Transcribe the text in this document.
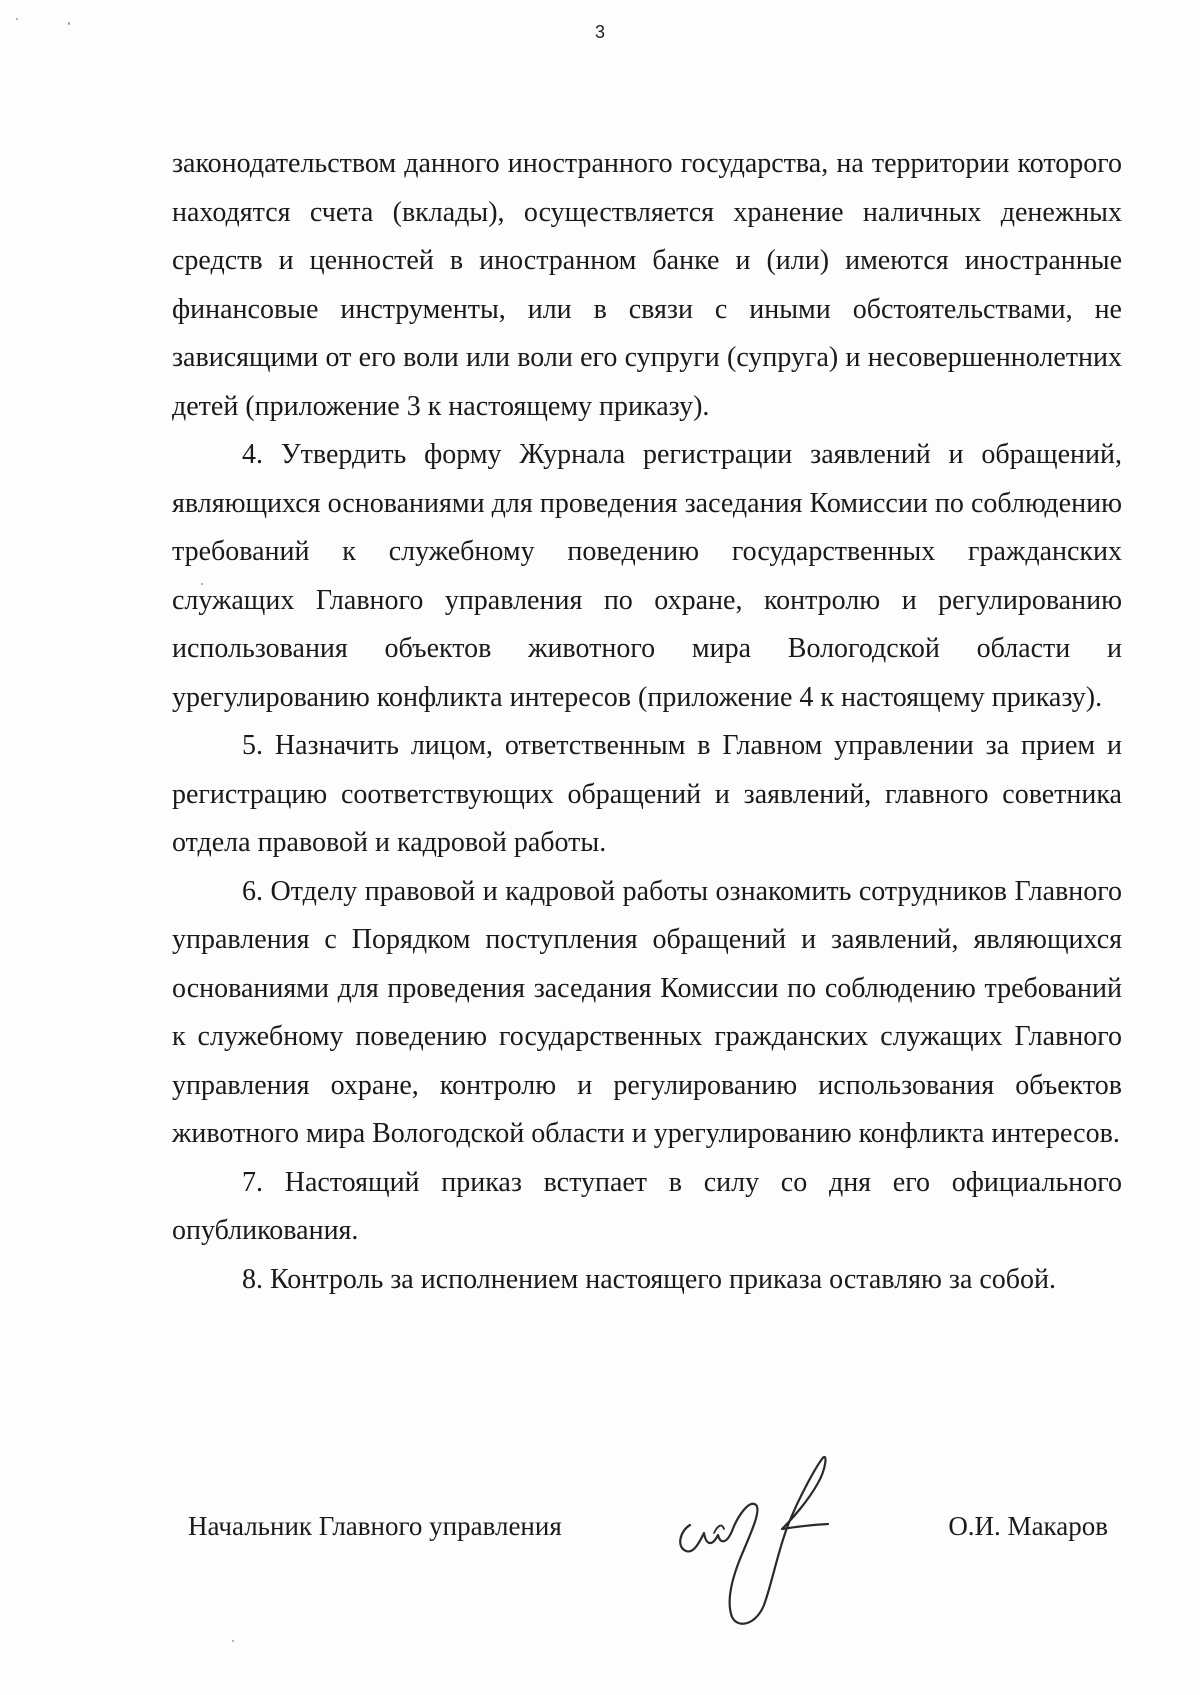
3

законодательством данного иностранного государства, на территории которого находятся счета (вклады), осуществляется хранение наличных денежных средств и ценностей в иностранном банке и (или) имеются иностранные финансовые инструменты, или в связи с иными обстоятельствами, не зависящими от его воли или воли его супруги (супруга) и несовершеннолетних детей (приложение 3 к настоящему приказу).

4. Утвердить форму Журнала регистрации заявлений и обращений, являющихся основаниями для проведения заседания Комиссии по соблюдению требований к служебному поведению государственных гражданских служащих Главного управления по охране, контролю и регулированию использования объектов животного мира Вологодской области и урегулированию конфликта интересов (приложение 4 к настоящему приказу).

5. Назначить лицом, ответственным в Главном управлении за прием и регистрацию соответствующих обращений и заявлений, главного советника отдела правовой и кадровой работы.

6. Отделу правовой и кадровой работы ознакомить сотрудников Главного управления с Порядком поступления обращений и заявлений, являющихся основаниями для проведения заседания Комиссии по соблюдению требований к служебному поведению государственных гражданских служащих Главного управления охране, контролю и регулированию использования объектов животного мира Вологодской области и урегулированию конфликта интересов.

7. Настоящий приказ вступает в силу со дня его официального опубликования.

8. Контроль за исполнением настоящего приказа оставляю за собой.

Начальник Главного управления	О.И. Макаров
